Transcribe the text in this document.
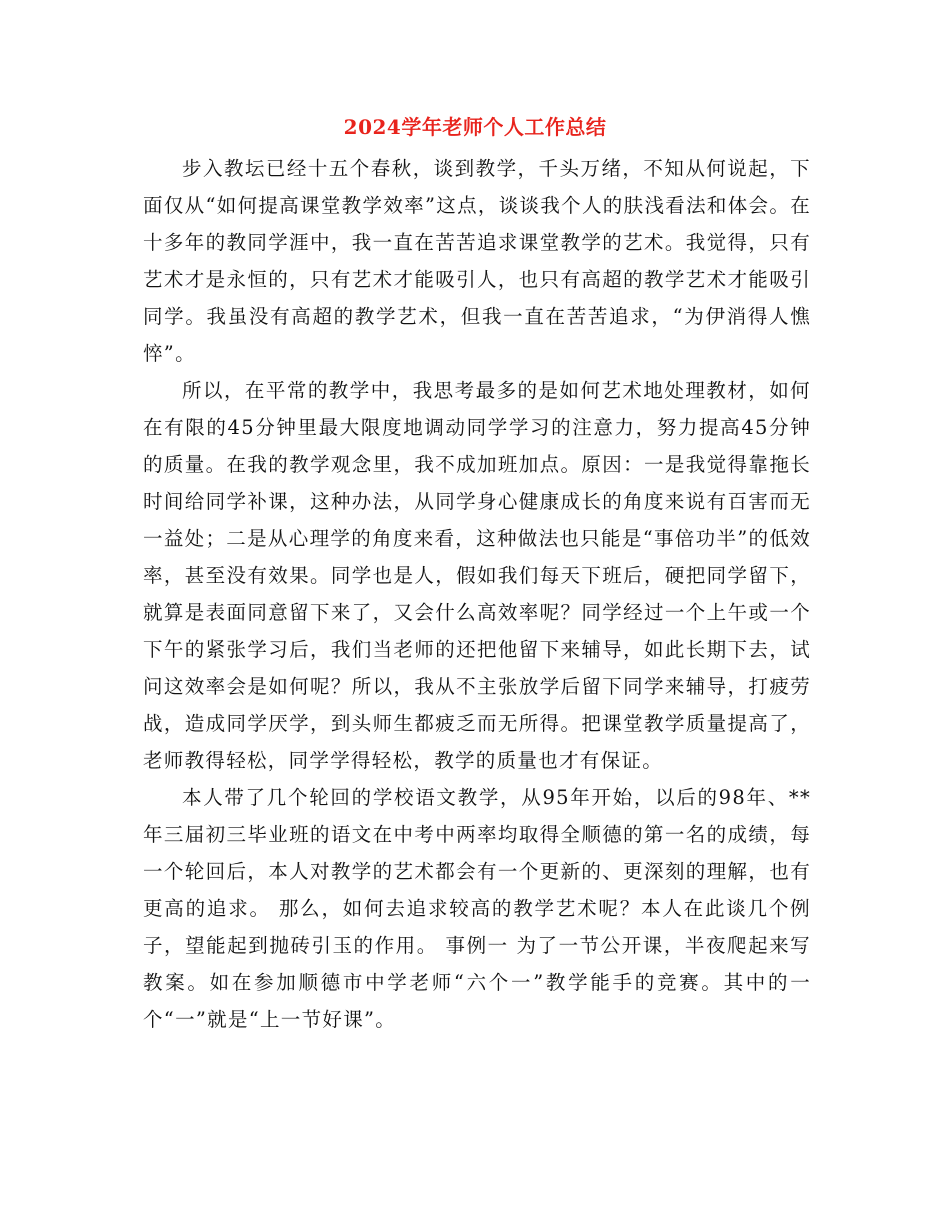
2024学年老师个人工作总结

步入教坛已经十五个春秋，谈到教学，千头万绪，不知从何说起，下面仅从“如何提高课堂教学效率”这点，谈谈我个人的肤浅看法和体会。在十多年的教同学涯中，我一直在苦苦追求课堂教学的艺术。我觉得，只有艺术才是永恒的，只有艺术才能吸引人，也只有高超的教学艺术才能吸引同学。我虽没有高超的教学艺术，但我一直在苦苦追求，“为伊消得人憔悴”。

所以，在平常的教学中，我思考最多的是如何艺术地处理教材，如何在有限的45分钟里最大限度地调动同学学习的注意力，努力提高45分钟的质量。在我的教学观念里，我不成加班加点。原因：一是我觉得靠拖长时间给同学补课，这种办法，从同学身心健康成长的角度来说有百害而无一益处；二是从心理学的角度来看，这种做法也只能是“事倍功半”的低效率，甚至没有效果。同学也是人，假如我们每天下班后，硬把同学留下，就算是表面同意留下来了，又会什么高效率呢？同学经过一个上午或一个下午的紧张学习后，我们当老师的还把他留下来辅导，如此长期下去，试问这效率会是如何呢？所以，我从不主张放学后留下同学来辅导，打疲劳战，造成同学厌学，到头师生都疲乏而无所得。把课堂教学质量提高了，老师教得轻松，同学学得轻松，教学的质量也才有保证。

本人带了几个轮回的学校语文教学，从95年开始，以后的98年、**年三届初三毕业班的语文在中考中两率均取得全顺德的第一名的成绩，每一个轮回后，本人对教学的艺术都会有一个更新的、更深刻的理解，也有更高的追求。 那么，如何去追求较高的教学艺术呢？本人在此谈几个例子，望能起到抛砖引玉的作用。 事例一 为了一节公开课，半夜爬起来写教案。如在参加顺德市中学老师“六个一”教学能手的竞赛。其中的一个“一”就是“上一节好课”。
